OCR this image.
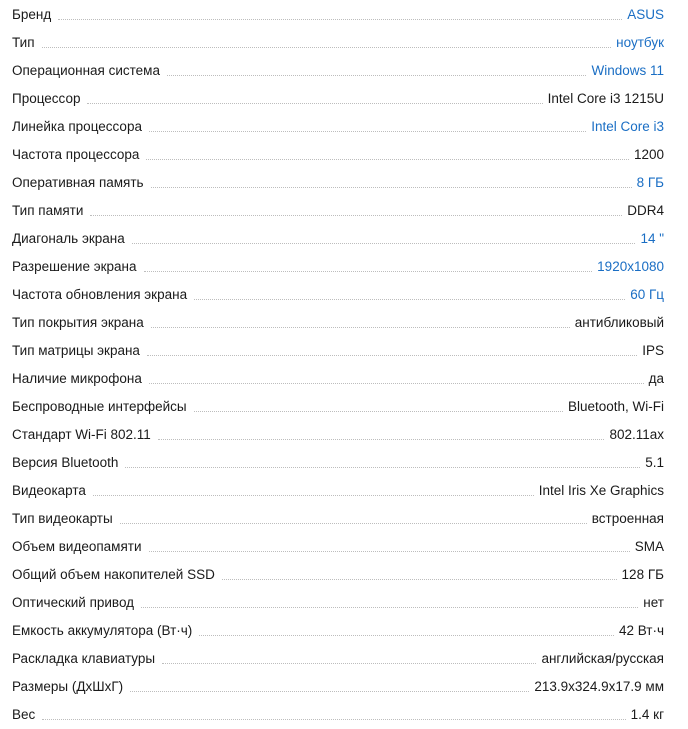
Бренд	ASUS
Тип	ноутбук
Операционная система	Windows 11
Процессор	Intel Core i3 1215U
Линейка процессора	Intel Core i3
Частота процессора	1200
Оперативная память	8 ГБ
Тип памяти	DDR4
Диагональ экрана	14 "
Разрешение экрана	1920x1080
Частота обновления экрана	60 Гц
Тип покрытия экрана	антибликовый
Тип матрицы экрана	IPS
Наличие микрофона	да
Беспроводные интерфейсы	Bluetooth, Wi-Fi
Стандарт Wi-Fi 802.11	802.11ax
Версия Bluetooth	5.1
Видеокарта	Intel Iris Xe Graphics
Тип видеокарты	встроенная
Объем видеопамяти	SMA
Общий объем накопителей SSD	128 ГБ
Оптический привод	нет
Емкость аккумулятора (Вт·ч)	42 Вт·ч
Раскладка клавиатуры	английская/русская
Размеры (ДхШхГ)	213.9x324.9x17.9 мм
Вес	1.4 кг
